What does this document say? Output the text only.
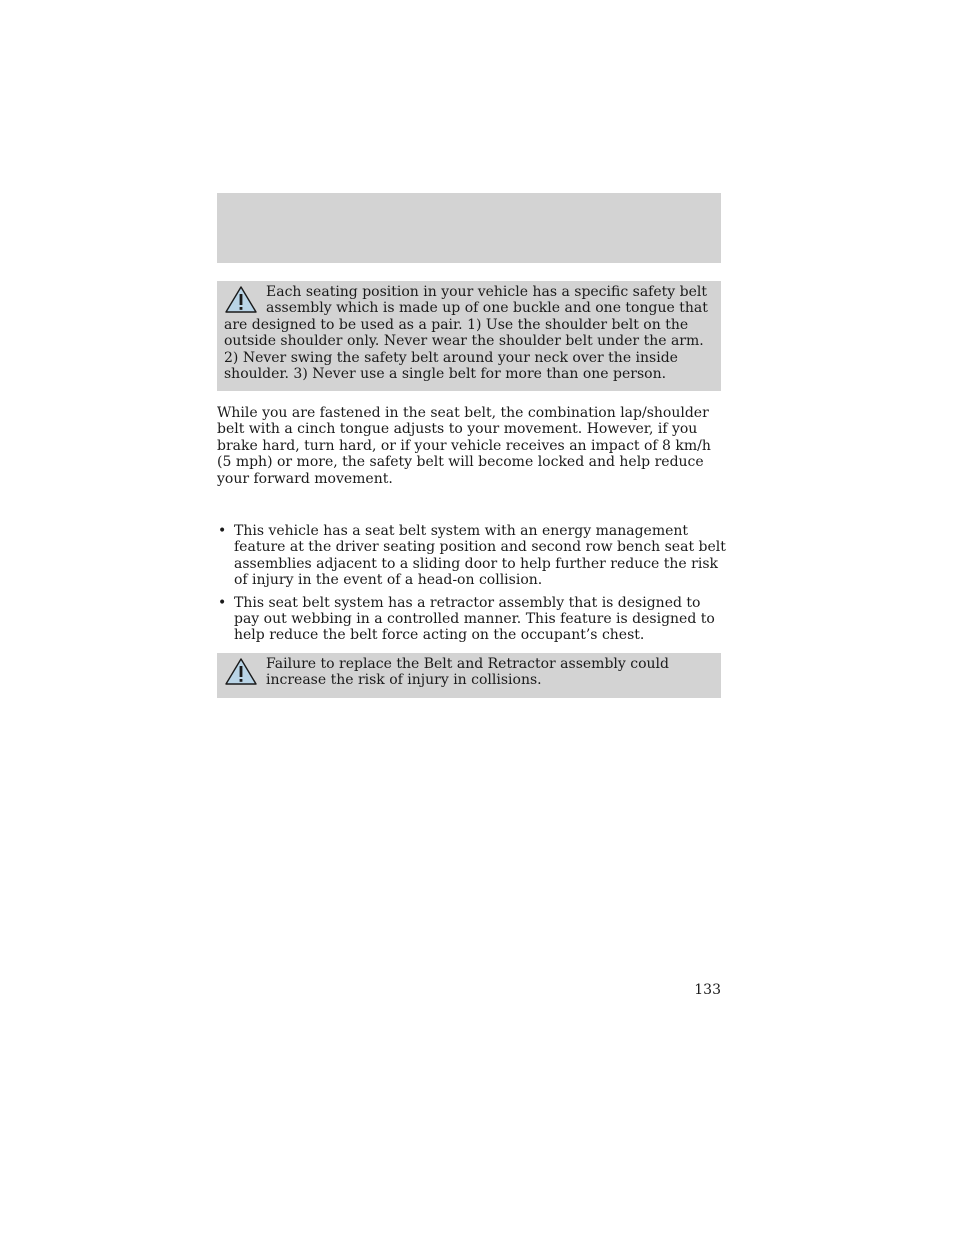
Each seating position in your vehicle has a specific safety belt assembly which is made up of one buckle and one tongue that are designed to be used as a pair. 1) Use the shoulder belt on the outside shoulder only. Never wear the shoulder belt under the arm. 2) Never swing the safety belt around your neck over the inside shoulder. 3) Never use a single belt for more than one person.

While you are fastened in the seat belt, the combination lap/shoulder belt with a cinch tongue adjusts to your movement. However, if you brake hard, turn hard, or if your vehicle receives an impact of 8 km/h (5 mph) or more, the safety belt will become locked and help reduce your forward movement.

• This vehicle has a seat belt system with an energy management feature at the driver seating position and second row bench seat belt assemblies adjacent to a sliding door to help further reduce the risk of injury in the event of a head-on collision.
• This seat belt system has a retractor assembly that is designed to pay out webbing in a controlled manner. This feature is designed to help reduce the belt force acting on the occupant’s chest.
Failure to replace the Belt and Retractor assembly could increase the risk of injury in collisions.
133
